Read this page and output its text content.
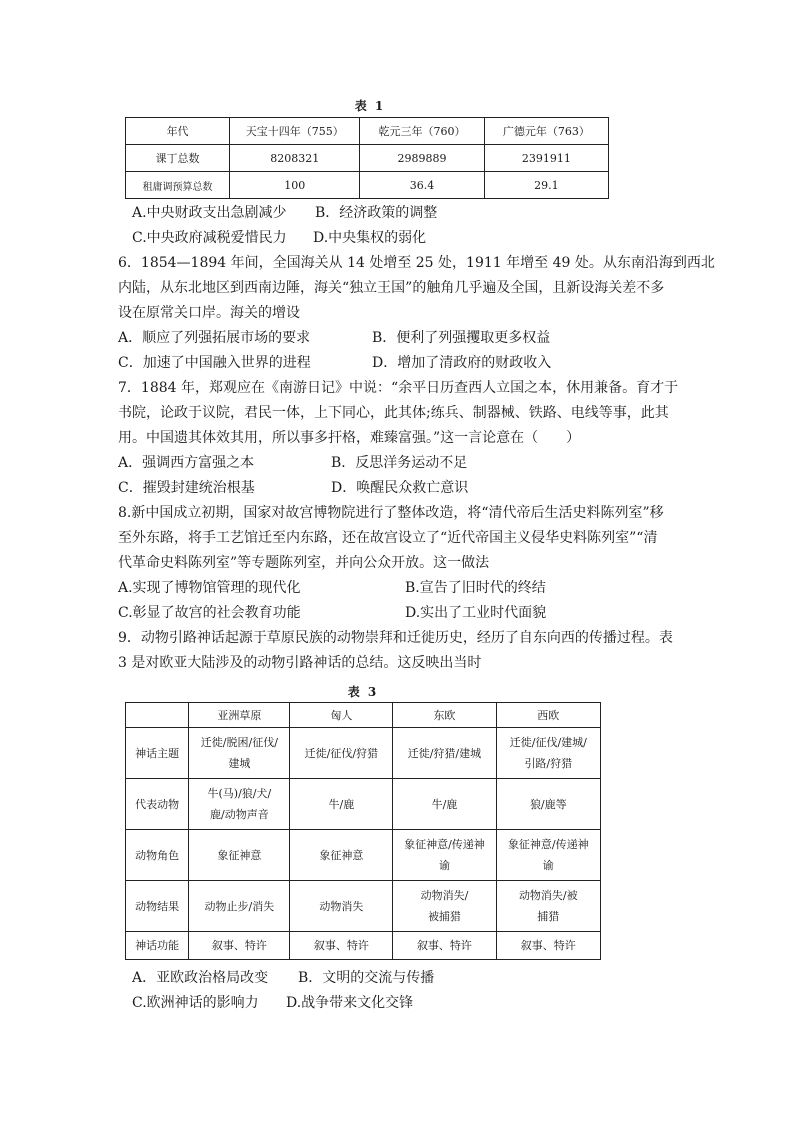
表 1
年代	天宝十四年（755）	乾元三年（760）	广德元年（763）
课丁总数	8208321	2989889	2391911
租庸调预算总数	100	36.4	29.1
A.中央财政支出急剧减少 B．经济政策的调整
C.中央政府减税爱惜民力 D.中央集权的弱化
6．1854—1894 年间，全国海关从 14 处增至 25 处，1911 年增至 49 处。从东南沿海到西北
内陆，从东北地区到西南边陲，海关“独立王国”的触角几乎遍及全国，且新设海关差不多
设在原常关口岸。海关的增设
A．顺应了列强拓展市场的要求	B．便利了列强攫取更多权益
C．加速了中国融入世界的进程	D．增加了清政府的财政收入
7．1884 年，郑观应在《南游日记》中说：“余平日历查西人立国之本，休用兼备。育才于
书院，论政于议院，君民一体，上下同心，此其体;练兵、制器械、铁路、电线等事，此其
用。中国遗其体效其用，所以事多扞格，难臻富强。”这一言论意在（　　）
A．强调西方富强之本	B．反思洋务运动不足
C．摧毁封建统治根基	D．唤醒民众救亡意识
8.新中国成立初期，国家对故宫博物院进行了整体改造，将“清代帝后生活史料陈列室”移
至外东路，将手工艺馆迁至内东路，还在故宫设立了“近代帝国主义侵华史料陈列室”“清
代革命史料陈列室”等专题陈列室，并向公众开放。这一做法
A.实现了博物馆管理的现代化	B.宣告了旧时代的终结
C.彰显了故宫的社会教育功能	D.实出了工业时代面貌
9．动物引路神话起源于草原民族的动物崇拜和迁徙历史，经历了自东向西的传播过程。表
3 是对欧亚大陆涉及的动物引路神话的总结。这反映出当时
表 3
	亚洲草原	匈人	东欧	西欧
神话主题	迁徙/脱困/征伐/建城	迁徙/征伐/狩猎	迁徙/狩猎/建城	迁徙/征伐/建城/引路/狩猎
代表动物	牛(马)/狼/犬/鹿/动物声音	牛/鹿	牛/鹿	狼/鹿等
动物角色	象征神意	象征神意	象征神意/传递神谕	象征神意/传递神谕
动物结果	动物止步/消失	动物消失	动物消失/被捕猎	动物消失/被捕猎
神话功能	叙事、特许	叙事、特许	叙事、特许	叙事、特许
A．亚欧政治格局改变 B．文明的交流与传播
C.欧洲神话的影响力 D.战争带来文化交锋
